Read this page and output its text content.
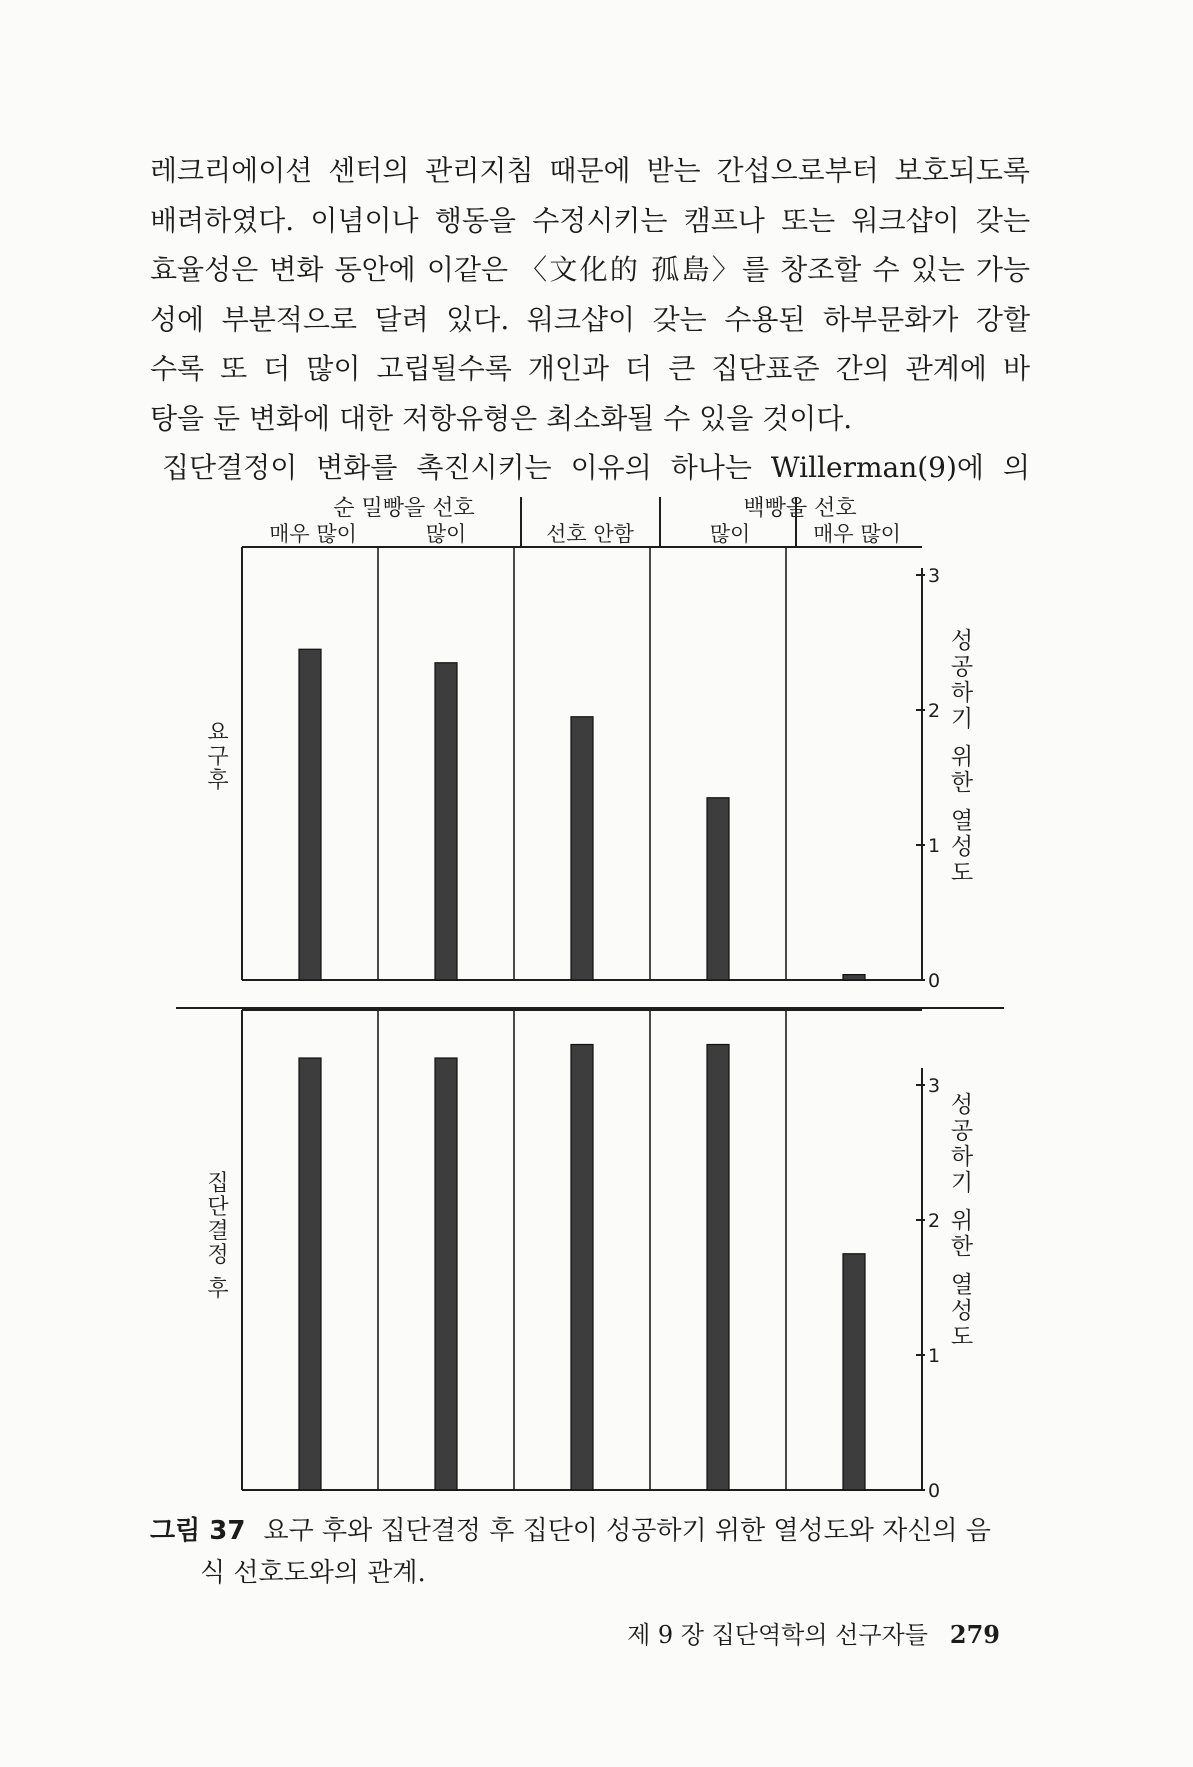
레크리에이션 센터의 관리지침 때문에 받는 간섭으로부터 보호되도록
배려하였다. 이념이나 행동을 수정시키는 캠프나 또는 워크샵이 갖는
효율성은 변화 동안에 이같은 〈文化的 孤島〉를 창조할 수 있는 가능
성에 부분적으로 달려 있다. 워크샵이 갖는 수용된 하부문화가 강할
수록 또 더 많이 고립될수록 개인과 더 큰 집단표준 간의 관계에 바
탕을 둔 변화에 대한 저항유형은 최소화될 수 있을 것이다.
집단결정이 변화를 촉진시키는 이유의 하나는 Willerman(9)에 의
순 밀빵을 선호	백빵을 선호
매우 많이	많이	선호 안함	많이	매우 많이
0
1
2
3
요 구 후
성 공 하 기 위 한 열 성 도
0
1
2
3
집 단 결 정 후
성 공 하 기 위 한 열 성 도
그림 37 요구 후와 집단결정 후 집단이 성공하기 위한 열성도와 자신의 음
식 선호도와의 관계.
제 9 장 집단역학의 선구자들 279
